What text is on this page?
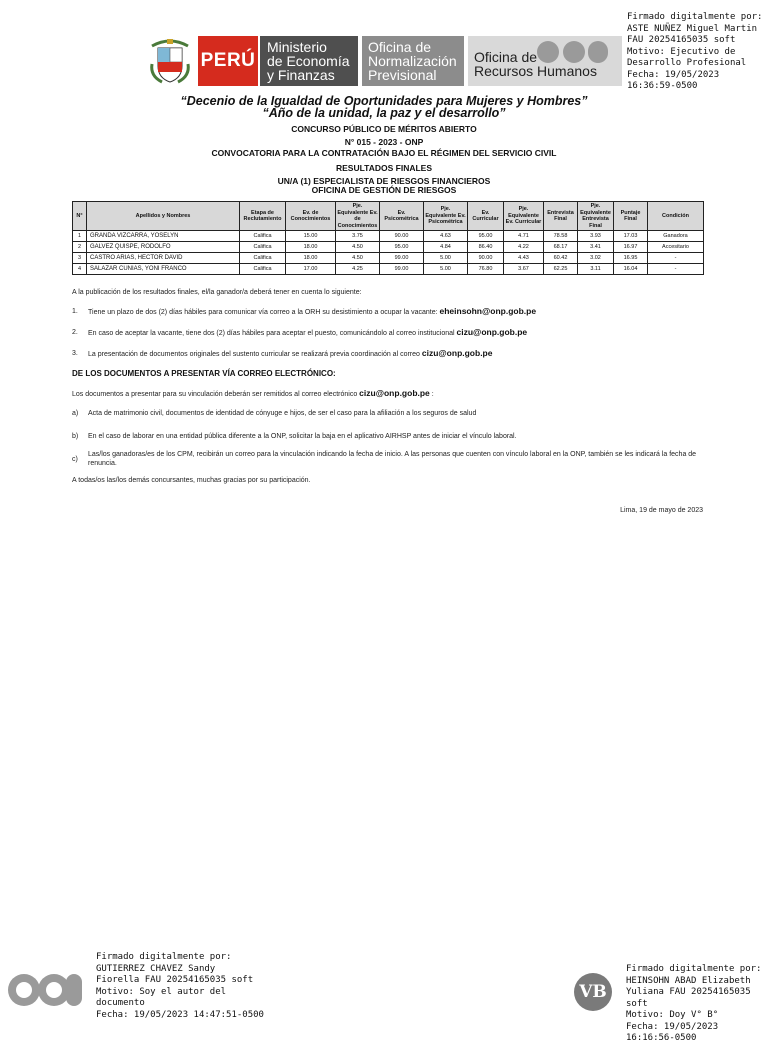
PERÚ
Ministerio
de Economía
y Finanzas
Oficina de
Normalización
Previsional
Oficina de
Recursos Humanos
Firmado digitalmente por:
ASTE NUÑEZ Miguel Martin
FAU 20254165035 soft
Motivo: Ejecutivo de
Desarrollo Profesional
Fecha: 19/05/2023 16:36:59-0500
“Decenio de la Igualdad de Oportunidades para Mujeres y Hombres”
“Año de la unidad, la paz y el desarrollo”
CONCURSO PÚBLICO DE MÉRITOS ABIERTO
N° 015 - 2023 - ONP
CONVOCATORIA PARA LA CONTRATACIÓN BAJO EL RÉGIMEN DEL SERVICIO CIVIL
RESULTADOS FINALES
UN/A (1) ESPECIALISTA DE RIESGOS FINANCIEROS
OFICINA DE GESTIÓN DE RIESGOS
N°	Apellidos y Nombres	Etapa de Reclutamiento	Ev. de Conocimientos	Pje. Equivalente Ev. de Conocimientos	Ev. Psicométrica	Pje. Equivalente Ev. Psicométrica	Ev. Curricular	Pje. Equivalente Ev. Curricular	Entrevista Final	Pje. Equivalente Entrevista Final	Puntaje Final	Condición
1	GRANDA VIZCARRA, YOSELYN	Califica	15.00	3.75	90.00	4.63	95.00	4.71	78.58	3.93	17.03	Ganadora
2	GALVEZ QUISPE, RODOLFO	Califica	18.00	4.50	95.00	4.84	86.40	4.22	68.17	3.41	16.97	Accesitario
3	CASTRO ARIAS, HECTOR DAVID	Califica	18.00	4.50	99.00	5.00	90.00	4.43	60.42	3.02	16.95	-
4	SALAZAR CUNIAS, YONI FRANCO	Califica	17.00	4.25	99.00	5.00	76.80	3.67	62.25	3.11	16.04	-
A la publicación de los resultados finales, el/la ganador/a deberá tener en cuenta lo siguiente:
1. Tiene un plazo de dos (2) días hábiles para comunicar vía correo a la ORH su desistimiento a ocupar la vacante: eheinsohn@onp.gob.pe
2. En caso de aceptar la vacante, tiene dos (2) días hábiles para aceptar el puesto, comunicándolo al correo institucional cizu@onp.gob.pe
3. La presentación de documentos originales del sustento curricular se realizará previa coordinación al correo cizu@onp.gob.pe
DE LOS DOCUMENTOS A PRESENTAR VÍA CORREO ELECTRÓNICO:
Los documentos a presentar para su vinculación deberán ser remitidos al correo electrónico cizu@onp.gob.pe :
a) Acta de matrimonio civil, documentos de identidad de cónyuge e hijos, de ser el caso para la afiliación a los seguros de salud
b) En el caso de laborar en una entidad pública diferente a la ONP, solicitar la baja en el aplicativo AIRHSP antes de iniciar el vínculo laboral.
c)
Las/los ganadoras/es de los CPM, recibirán un correo para la vinculación indicando la fecha de inicio. A las personas que cuenten con vínculo laboral en la ONP, también se les indicará la fecha de renuncia.
A todas/os las/los demás concursantes, muchas gracias por su participación.
Lima, 19 de mayo de 2023
Firmado digitalmente por:
GUTIERREZ CHAVEZ Sandy
Fiorella FAU 20254165035 soft
Motivo: Soy el autor del
documento
Fecha: 19/05/2023 14:47:51-0500
VB
Firmado digitalmente por:
HEINSOHN ABAD Elizabeth
Yuliana FAU 20254165035 soft
Motivo: Doy V° B°
Fecha: 19/05/2023 16:16:56-0500
